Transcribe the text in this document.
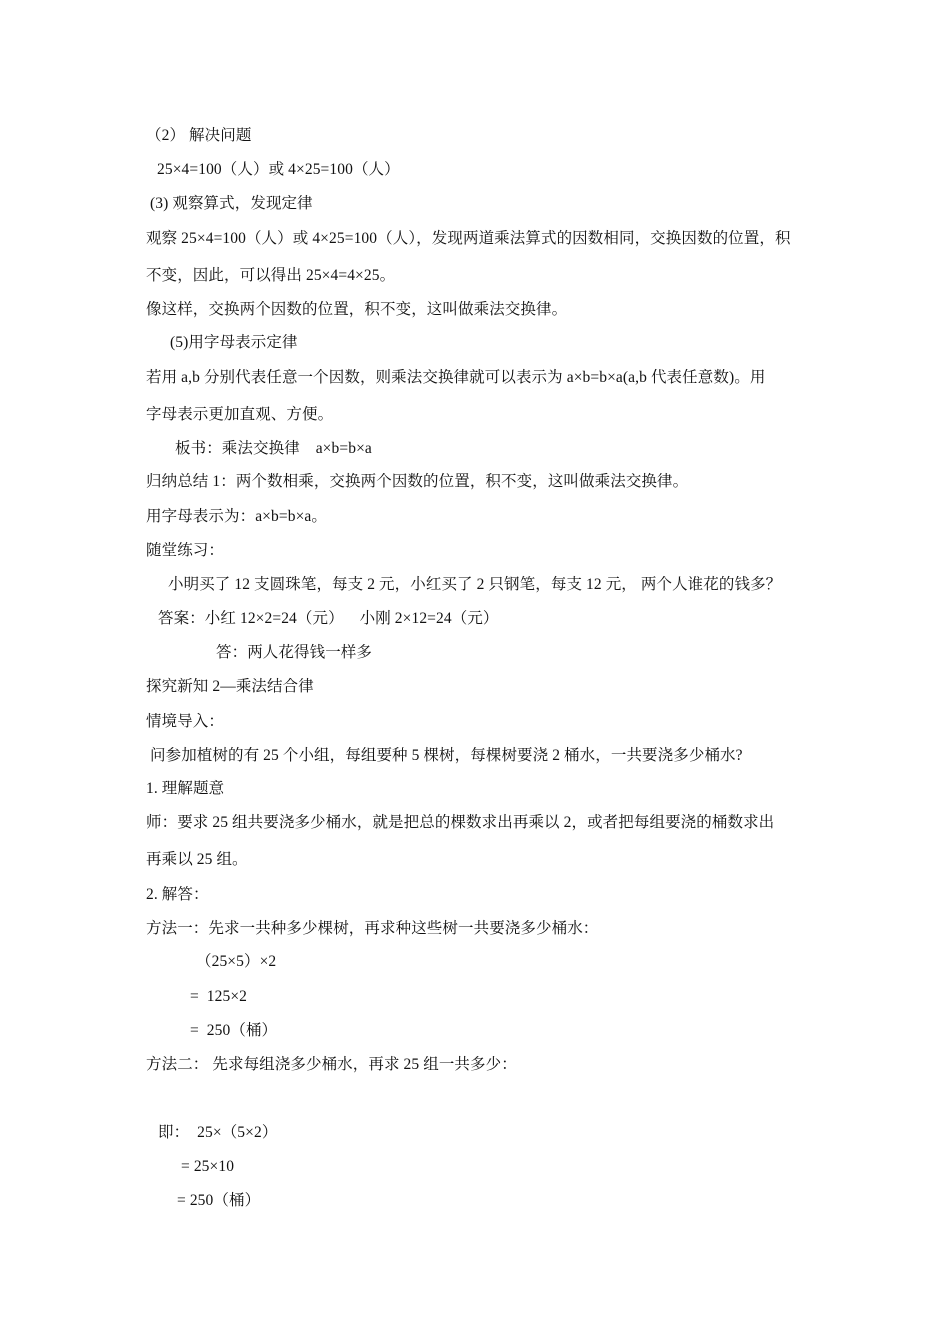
（2） 解决问题
25×4=100（人）或 4×25=100（人）
(3) 观察算式，发现定律
观察 25×4=100（人）或 4×25=100（人），发现两道乘法算式的因数相同，交换因数的位置，积
不变，因此，可以得出 25×4=4×25。
像这样，交换两个因数的位置，积不变，这叫做乘法交换律。
(5)用字母表示定律
若用 a,b 分别代表任意一个因数，则乘法交换律就可以表示为 a×b=b×a(a,b 代表任意数)。用
字母表示更加直观、方便。
板书：乘法交换律    a×b=b×a
归纳总结 1：两个数相乘，交换两个因数的位置，积不变，这叫做乘法交换律。
用字母表示为：a×b=b×a。
随堂练习：
小明买了 12 支圆珠笔，每支 2 元，小红买了 2 只钢笔，每支 12 元， 两个人谁花的钱多？
答案：小红 12×2=24（元）    小刚 2×12=24（元）
答：两人花得钱一样多
探究新知 2—乘法结合律
情境导入：
问参加植树的有 25 个小组，每组要种 5 棵树，每棵树要浇 2 桶水，一共要浇多少桶水?
1. 理解题意
师：要求 25 组共要浇多少桶水，就是把总的棵数求出再乘以 2，或者把每组要浇的桶数求出
再乘以 25 组。
2. 解答：
方法一：先求一共种多少棵树，再求种这些树一共要浇多少桶水：
（25×5）×2
=  125×2
=  250（桶）
方法二： 先求每组浇多少桶水，再求 25 组一共多少：
即：  25×（5×2）
= 25×10
= 250（桶）
